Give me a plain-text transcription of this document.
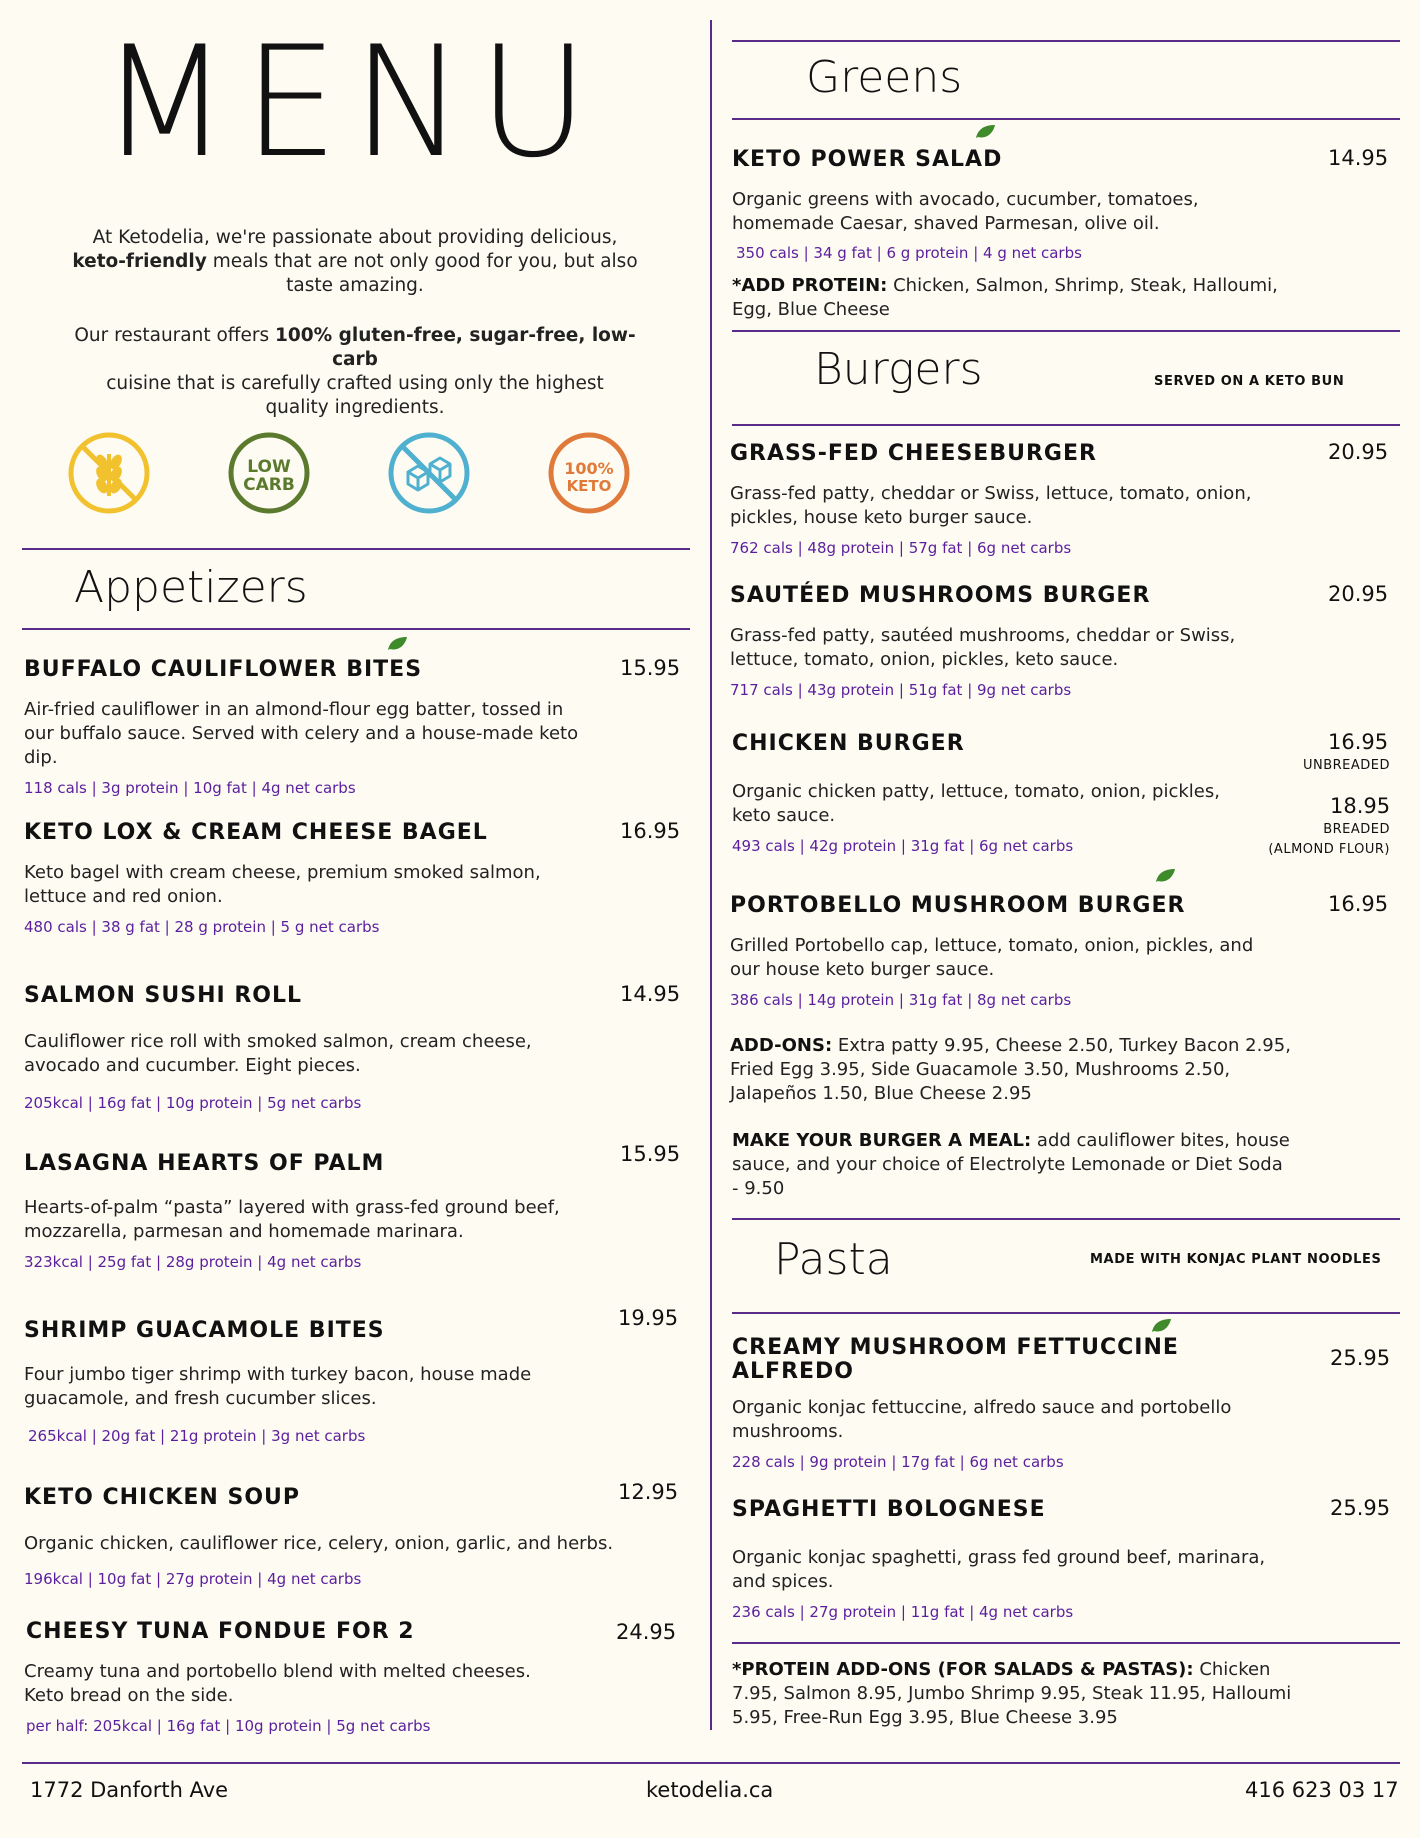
MENU
At Ketodelia, we're passionate about providing delicious,
keto-friendly meals that are not only good for you, but also
taste amazing.
Our restaurant offers 100% gluten-free, sugar-free, low-carb
cuisine that is carefully crafted using only the highest
quality ingredients.
LOW
CARB
100%
KETO
Appetizers
BUFFALO CAULIFLOWER BITES	15.95
Air-fried cauliflower in an almond-flour egg batter, tossed in
our buffalo sauce. Served with celery and a house-made keto
dip.
118 cals | 3g protein | 10g fat | 4g net carbs
KETO LOX & CREAM CHEESE BAGEL	16.95
Keto bagel with cream cheese, premium smoked salmon,
lettuce and red onion.
480 cals | 38 g fat | 28 g protein | 5 g net carbs
SALMON SUSHI ROLL	14.95
Cauliflower rice roll with smoked salmon, cream cheese,
avocado and cucumber. Eight pieces.
205kcal | 16g fat | 10g protein | 5g net carbs
LASAGNA HEARTS OF PALM	15.95
Hearts-of-palm “pasta” layered with grass-fed ground beef,
mozzarella, parmesan and homemade marinara.
323kcal | 25g fat | 28g protein | 4g net carbs
SHRIMP GUACAMOLE BITES	19.95
Four jumbo tiger shrimp with turkey bacon, house made
guacamole, and fresh cucumber slices.
265kcal | 20g fat | 21g protein | 3g net carbs
KETO CHICKEN SOUP	12.95
Organic chicken, cauliflower rice, celery, onion, garlic, and herbs.
196kcal | 10g fat | 27g protein | 4g net carbs
CHEESY TUNA FONDUE FOR 2	24.95
Creamy tuna and portobello blend with melted cheeses.
Keto bread on the side.
per half: 205kcal | 16g fat | 10g protein | 5g net carbs
Greens
KETO POWER SALAD	14.95
Organic greens with avocado, cucumber, tomatoes,
homemade Caesar, shaved Parmesan, olive oil.
350 cals | 34 g fat | 6 g protein | 4 g net carbs
*ADD PROTEIN: Chicken, Salmon, Shrimp, Steak, Halloumi,
Egg, Blue Cheese
Burgers	SERVED ON A KETO BUN
GRASS-FED CHEESEBURGER	20.95
Grass-fed patty, cheddar or Swiss, lettuce, tomato, onion,
pickles, house keto burger sauce.
762 cals | 48g protein | 57g fat | 6g net carbs
SAUTÉED MUSHROOMS BURGER	20.95
Grass-fed patty, sautéed mushrooms, cheddar or Swiss,
lettuce, tomato, onion, pickles, keto sauce.
717 cals | 43g protein | 51g fat | 9g net carbs
CHICKEN BURGER	16.95
UNBREADED
18.95
BREADED
(ALMOND FLOUR)
Organic chicken patty, lettuce, tomato, onion, pickles,
keto sauce.
493 cals | 42g protein | 31g fat | 6g net carbs
PORTOBELLO MUSHROOM BURGER	16.95
Grilled Portobello cap, lettuce, tomato, onion, pickles, and
our house keto burger sauce.
386 cals | 14g protein | 31g fat | 8g net carbs
ADD-ONS: Extra patty 9.95, Cheese 2.50, Turkey Bacon 2.95,
Fried Egg 3.95, Side Guacamole 3.50, Mushrooms 2.50,
Jalapeños 1.50, Blue Cheese 2.95
MAKE YOUR BURGER A MEAL: add cauliflower bites, house
sauce, and your choice of Electrolyte Lemonade or Diet Soda
- 9.50
Pasta	MADE WITH KONJAC PLANT NOODLES
CREAMY MUSHROOM FETTUCCINE
ALFREDO
25.95
Organic konjac fettuccine, alfredo sauce and portobello
mushrooms.
228 cals | 9g protein | 17g fat | 6g net carbs
SPAGHETTI BOLOGNESE	25.95
Organic konjac spaghetti, grass fed ground beef, marinara,
and spices.
236 cals | 27g protein | 11g fat | 4g net carbs
*PROTEIN ADD-ONS (FOR SALADS & PASTAS): Chicken
7.95, Salmon 8.95, Jumbo Shrimp 9.95, Steak 11.95, Halloumi
5.95, Free-Run Egg 3.95, Blue Cheese 3.95
1772 Danforth Ave	ketodelia.ca	416 623 03 17
